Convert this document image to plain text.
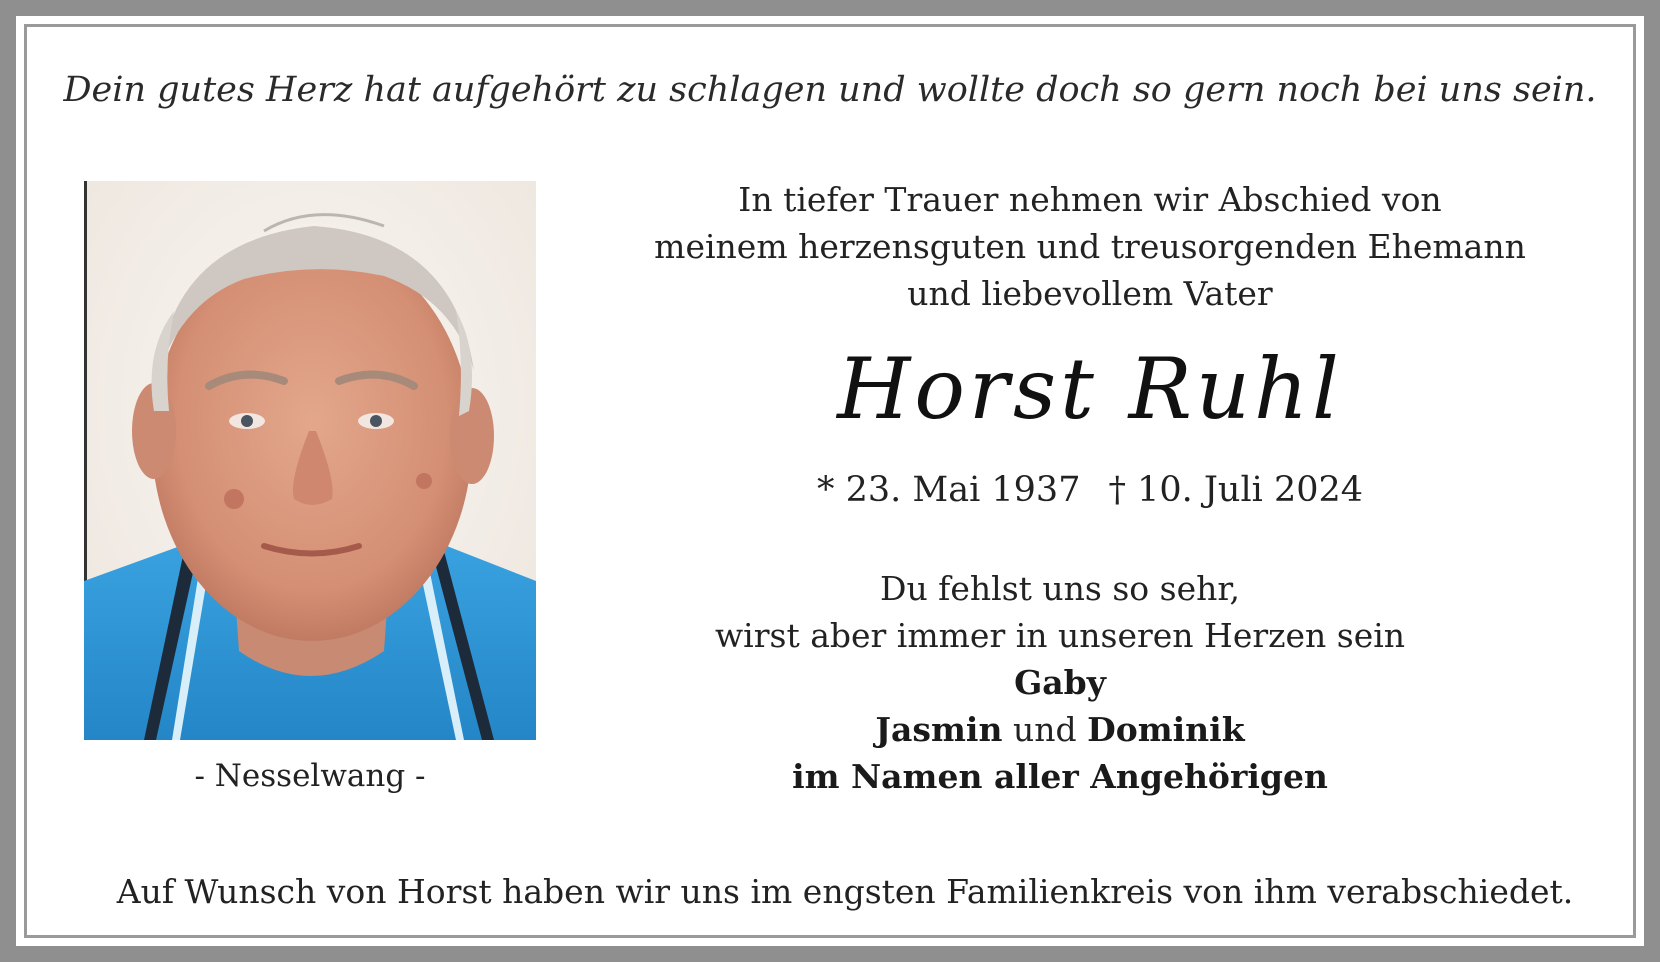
Dein gutes Herz hat aufgehört zu schlagen und wollte doch so gern noch bei uns sein.
- Nesselwang -
In tiefer Trauer nehmen wir Abschied von
meinem herzensguten und treusorgenden Ehemann
und liebevollem Vater
Horst Ruhl
* 23. Mai 1937 † 10. Juli 2024
Du fehlst uns so sehr,
wirst aber immer in unseren Herzen sein
Gaby
Jasmin und Dominik
im Namen aller Angehörigen
Auf Wunsch von Horst haben wir uns im engsten Familienkreis von ihm verabschiedet.
